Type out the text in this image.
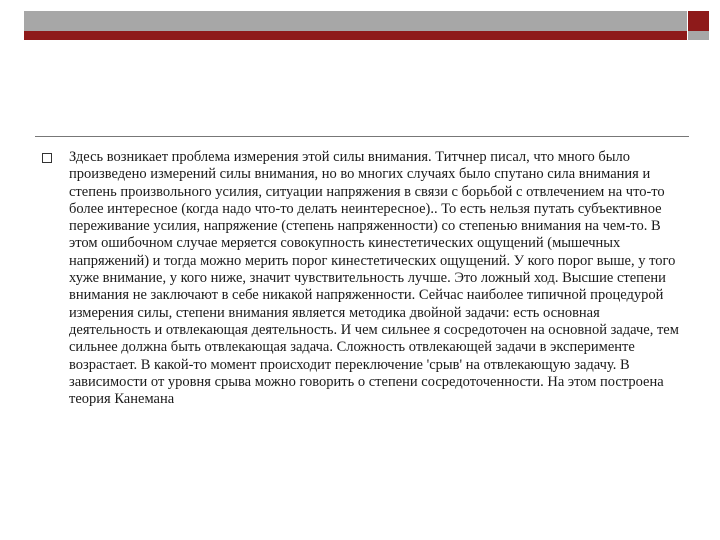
Здесь возникает проблема измерения этой силы внимания. Титчнер писал, что много было произведено измерений силы внимания, но во многих случаях было спутано сила внимания и степень произвольного усилия, ситуации напряжения в связи с борьбой с отвлечением на что-то более интересное (когда надо что-то делать неинтересное).. То есть нельзя путать субъективное переживание усилия, напряжение (степень напряженности) со степенью внимания на чем-то. В этом ошибочном случае меряется совокупность кинестетических ощущений (мышечных напряжений) и тогда можно мерить порог кинестетических ощущений. У кого порог выше, у того хуже внимание, у кого ниже, значит чувствительность лучше. Это ложный ход. Высшие степени внимания не заключают в себе никакой напряженности. Сейчас наиболее типичной процедурой измерения силы, степени внимания является методика двойной задачи: есть основная деятельность и отвлекающая деятельность. И чем сильнее я сосредоточен на основной задаче, тем сильнее должна быть отвлекающая задача. Сложность отвлекающей задачи в эксперименте возрастает. В какой-то момент происходит переключение 'срыв' на отвлекающую задачу. В зависимости от уровня срыва можно говорить о степени сосредоточенности. На этом построена теория Канемана
